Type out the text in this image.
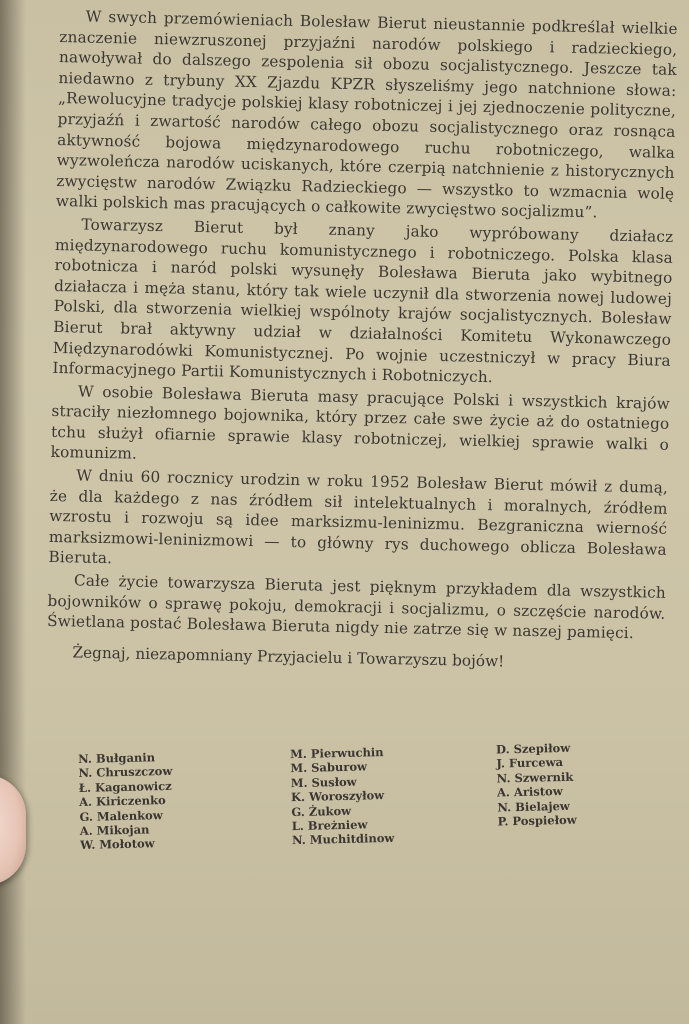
W swych przemówieniach Bolesław Bierut nieustannie podkreślał wielkie znaczenie niewzruszonej przyjaźni narodów polskiego i radzieckiego, nawoływał do dalszego zespolenia sił obozu socjalistycznego. Jeszcze tak niedawno z trybuny XX Zjazdu KPZR słyszeliśmy jego natchnione słowa: „Rewolucyjne tradycje polskiej klasy robotniczej i jej zjednoczenie polityczne, przyjaźń i zwartość narodów całego obozu socjalistycznego oraz rosnąca aktywność bojowa międzynarodowego ruchu robotniczego, walka wyzwoleńcza narodów uciskanych, które czerpią natchnienie z historycznych zwycięstw narodów Związku Radzieckiego — wszystko to wzmacnia wolę walki polskich mas pracujących o całkowite zwycięstwo socjalizmu”.

Towarzysz Bierut był znany jako wypróbowany działacz międzynarodowego ruchu komunistycznego i robotniczego. Polska klasa robotnicza i naród polski wysunęły Bolesława Bieruta jako wybitnego działacza i męża stanu, który tak wiele uczynił dla stworzenia nowej ludowej Polski, dla stworzenia wielkiej wspólnoty krajów socjalistycznych. Bolesław Bierut brał aktywny udział w działalności Komitetu Wykonawczego Międzynarodówki Komunistycznej. Po wojnie uczestniczył w pracy Biura Informacyjnego Partii Komunistycznych i Robotniczych.

W osobie Bolesława Bieruta masy pracujące Polski i wszystkich krajów straciły niezłomnego bojownika, który przez całe swe życie aż do ostatniego tchu służył ofiarnie sprawie klasy robotniczej, wielkiej sprawie walki o komunizm.

W dniu 60 rocznicy urodzin w roku 1952 Bolesław Bierut mówił z dumą, że dla każdego z nas źródłem sił intelektualnych i moralnych, źródłem wzrostu i rozwoju są idee marksizmu-leninizmu. Bezgraniczna wierność marksizmowi-leninizmowi — to główny rys duchowego oblicza Bolesława Bieruta.

Całe życie towarzysza Bieruta jest pięknym przykładem dla wszystkich bojowników o sprawę pokoju, demokracji i socjalizmu, o szczęście narodów. Świetlana postać Bolesława Bieruta nigdy nie zatrze się w naszej pamięci.

Żegnaj, niezapomniany Przyjacielu i Towarzyszu bojów!

N. Bułganin
N. Chruszczow
Ł. Kaganowicz
A. Kiriczenko
G. Malenkow
A. Mikojan
W. Mołotow
M. Pierwuchin
M. Saburow
M. Susłow
K. Woroszyłow
G. Żukow
L. Breżniew
N. Muchitdinow
D. Szepiłow
J. Furcewa
N. Szwernik
A. Aristow
N. Bielajew
P. Pospiełow
